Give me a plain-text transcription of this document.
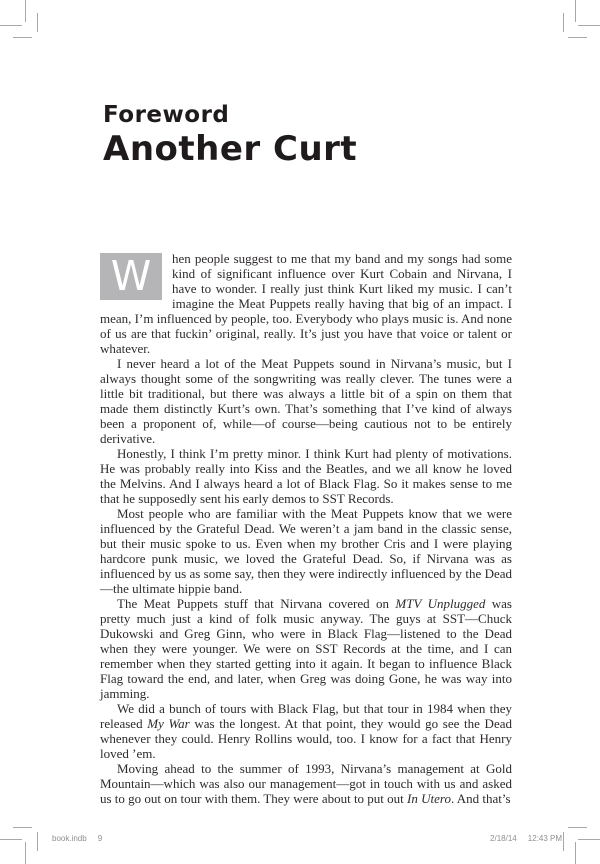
Foreword
Another Curt

W	hen people suggest to me that my band and my songs had some kind of significant influence over Kurt Cobain and Nirvana, I have to wonder. I really just think Kurt liked my music. I can’t imagine the Meat Puppets really having that big of an impact. I mean, I’m influenced by people, too. Everybody who plays music is. And none of us are that fuckin’ original, really. It’s just you have that voice or talent or whatever.

I never heard a lot of the Meat Puppets sound in Nirvana’s music, but I always thought some of the songwriting was really clever. The tunes were a little bit traditional, but there was always a little bit of a spin on them that made them distinctly Kurt’s own. That’s something that I’ve kind of always been a proponent of, while—of course—being cautious not to be entirely derivative.

Honestly, I think I’m pretty minor. I think Kurt had plenty of motivations. He was probably really into Kiss and the Beatles, and we all know he loved the Melvins. And I always heard a lot of Black Flag. So it makes sense to me that he supposedly sent his early demos to SST Records.

Most people who are familiar with the Meat Puppets know that we were influenced by the Grateful Dead. We weren’t a jam band in the classic sense, but their music spoke to us. Even when my brother Cris and I were playing hardcore punk music, we loved the Grateful Dead. So, if Nirvana was as influenced by us as some say, then they were indirectly influenced by the Dead—the ultimate hippie band.

The Meat Puppets stuff that Nirvana covered on MTV Unplugged was pretty much just a kind of folk music anyway. The guys at SST—Chuck Dukowski and Greg Ginn, who were in Black Flag—listened to the Dead when they were younger. We were on SST Records at the time, and I can remember when they started getting into it again. It began to influence Black Flag toward the end, and later, when Greg was doing Gone, he was way into jamming.

We did a bunch of tours with Black Flag, but that tour in 1984 when they released My War was the longest. At that point, they would go see the Dead whenever they could. Henry Rollins would, too. I know for a fact that Henry loved ’em.

Moving ahead to the summer of 1993, Nirvana’s management at Gold Mountain—which was also our management—got in touch with us and asked us to go out on tour with them. They were about to put out In Utero. And that’s

book.indb 9	2/18/14 12:43 PM
